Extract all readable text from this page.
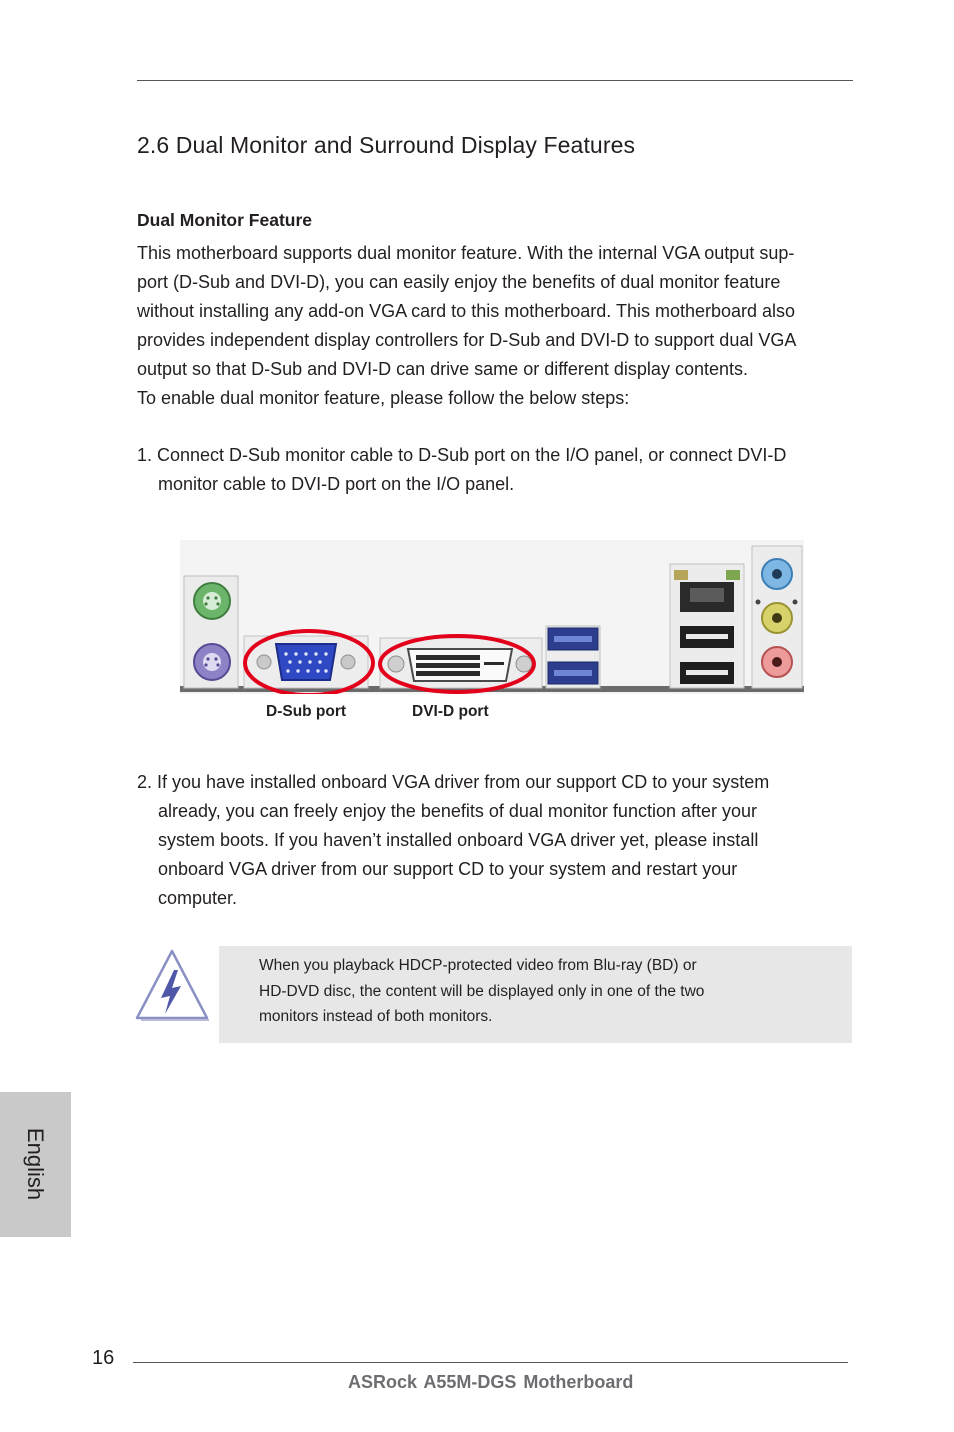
2.6 Dual Monitor and Surround Display Features
Dual Monitor Feature
This motherboard supports dual monitor feature. With the internal VGA output sup-
port (D-Sub and DVI-D), you can easily enjoy the benefits of dual monitor feature
without installing any add-on VGA card to this motherboard. This motherboard also
provides independent display controllers for D-Sub and DVI-D to support dual VGA
output so that D-Sub and DVI-D can drive same or different display contents.
To enable dual monitor feature, please follow the below steps:
1. Connect D-Sub monitor cable to D-Sub port on the I/O panel, or connect DVI-D
monitor cable to DVI-D port on the I/O panel.
D-Sub port	DVI-D port
2. If you have installed onboard VGA driver from our support CD to your system
already, you can freely enjoy the benefits of dual monitor function after your
system boots. If you haven’t installed onboard VGA driver yet, please install
onboard VGA driver from our support CD to your system and restart your
computer.
When you playback HDCP-protected video from Blu-ray (BD) or
HD-DVD disc, the content will be displayed only in one of the two
monitors instead of both monitors.
English
16
ASRock A55M-DGS Motherboard
